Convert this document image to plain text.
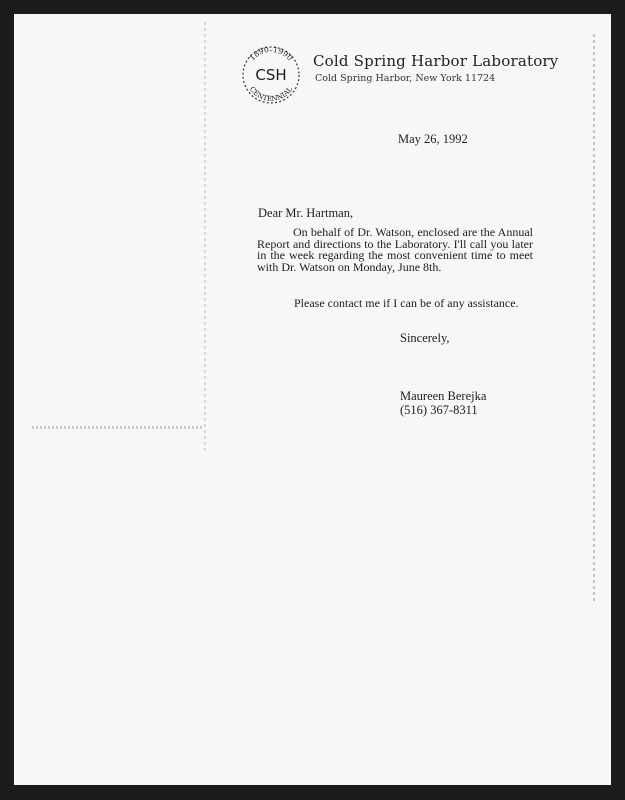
1890–1990
CSH
CENTENNIAL
Cold Spring Harbor Laboratory
Cold Spring Harbor, New York 11724
May 26, 1992
Dear Mr. Hartman,

On behalf of Dr. Watson, enclosed are the Annual Report and directions to the Laboratory. I'll call you later in the week regarding the most convenient time to meet with Dr. Watson on Monday, June 8th.

Please contact me if I can be of any assistance.
Sincerely,
Maureen Berejka
(516) 367-8311
